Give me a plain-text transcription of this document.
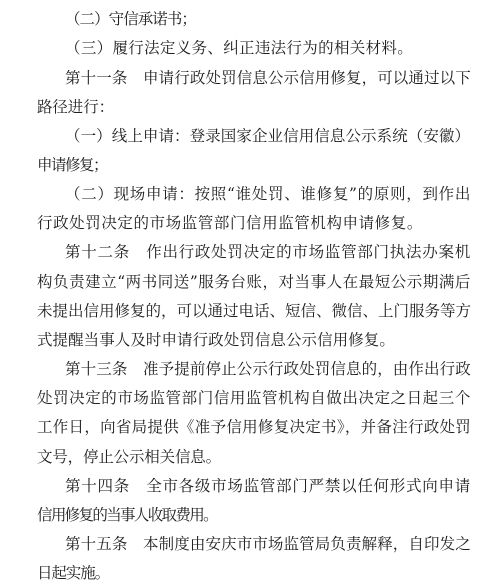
（二）守信承诺书；
（三）履行法定义务、纠正违法行为的相关材料。
第十一条　申请行政处罚信息公示信用修复，可以通过以下
路径进行：
（一）线上申请：登录国家企业信用信息公示系统（安徽）
申请修复；
（二）现场申请：按照“谁处罚、谁修复”的原则，到作出
行政处罚决定的市场监管部门信用监管机构申请修复。
第十二条　作出行政处罚决定的市场监管部门执法办案机
构负责建立“两书同送”服务台账，对当事人在最短公示期满后
未提出信用修复的，可以通过电话、短信、微信、上门服务等方
式提醒当事人及时申请行政处罚信息公示信用修复。
第十三条　准予提前停止公示行政处罚信息的，由作出行政
处罚决定的市场监管部门信用监管机构自做出决定之日起三个
工作日，向省局提供《准予信用修复决定书》，并备注行政处罚
文号，停止公示相关信息。
第十四条　全市各级市场监管部门严禁以任何形式向申请
信用修复的当事人收取费用。
第十五条　本制度由安庆市市场监管局负责解释，自印发之
日起实施。
